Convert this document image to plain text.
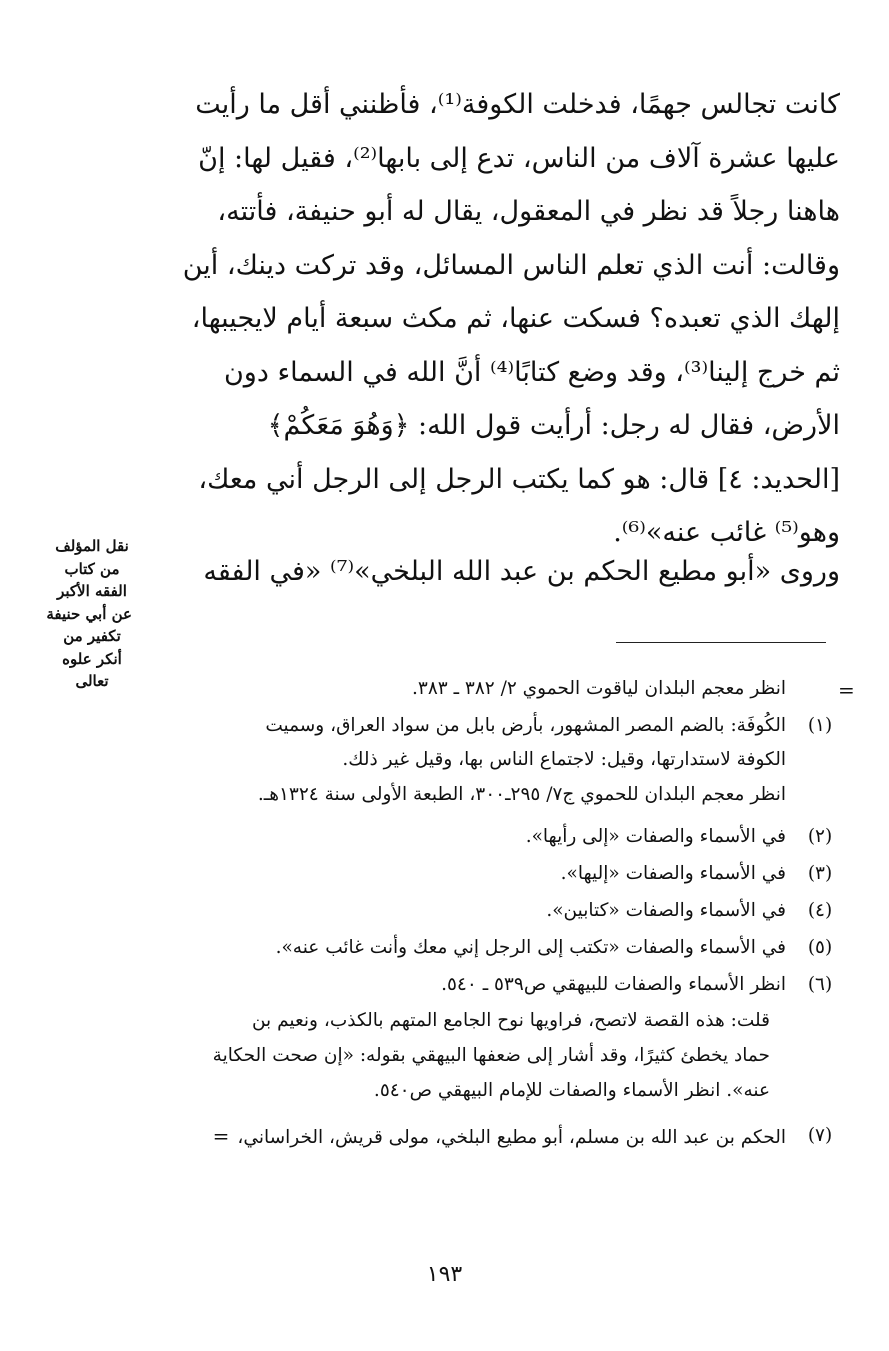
كانت تجالس جهمًا، فدخلت الكوفة⁽¹⁾، فأظنني أقل ما رأيت
عليها عشرة آلاف من الناس، تدع إلى بابها⁽²⁾، فقيل لها: إنّ
هاهنا رجلاً قد نظر في المعقول، يقال له أبو حنيفة، فأتته،
وقالت: أنت الذي تعلم الناس المسائل، وقد تركت دينك، أين
إلهك الذي تعبده؟ فسكت عنها، ثم مكث سبعة أيام لايجيبها،
ثم خرج إلينا⁽³⁾، وقد وضع كتابًا⁽⁴⁾ أنَّ الله في السماء دون
الأرض، فقال له رجل: أرأيت قول الله: ﴿وَهُوَ مَعَكُمْ﴾
[الحديد: ٤] قال: هو كما يكتب الرجل إلى الرجل أني معك،
وهو⁽⁵⁾ غائب عنه»⁽⁶⁾.
وروى «أبو مطيع الحكم بن عبد الله البلخي»⁽⁷⁾ «في الفقه
نقل المؤلف
من كتاب
الفقه الأكبر
عن أبي حنيفة
تكفير من
أنكر علوه
تعالى	=
انظر معجم البلدان لياقوت الحموي ٢/ ٣٨٢ ـ ٣٨٣.
(١)
الكُوفَة: بالضم المصر المشهور، بأرض بابل من سواد العراق، وسميت
الكوفة لاستدارتها، وقيل: لاجتماع الناس بها، وقيل غير ذلك.
انظر معجم البلدان للحموي ج٧/ ٢٩٥ـ٣٠٠، الطبعة الأولى سنة ١٣٢٤هـ.
(٢)
في الأسماء والصفات «إلى رأيها».
(٣)
في الأسماء والصفات «إليها».
(٤)
في الأسماء والصفات «كتابين».
(٥)
في الأسماء والصفات «تكتب إلى الرجل إني معك وأنت غائب عنه».
(٦)
انظر الأسماء والصفات للبيهقي ص٥٣٩ ـ ٥٤٠.
قلت: هذه القصة لاتصح، فراويها نوح الجامع المتهم بالكذب، ونعيم بن
حماد يخطئ كثيرًا، وقد أشار إلى ضعفها البيهقي بقوله: «إن صحت الحكاية
عنه». انظر الأسماء والصفات للإمام البيهقي ص٥٤٠.
(٧)
الحكم بن عبد الله بن مسلم، أبو مطيع البلخي، مولى قريش، الخراساني،=
١٩٣
